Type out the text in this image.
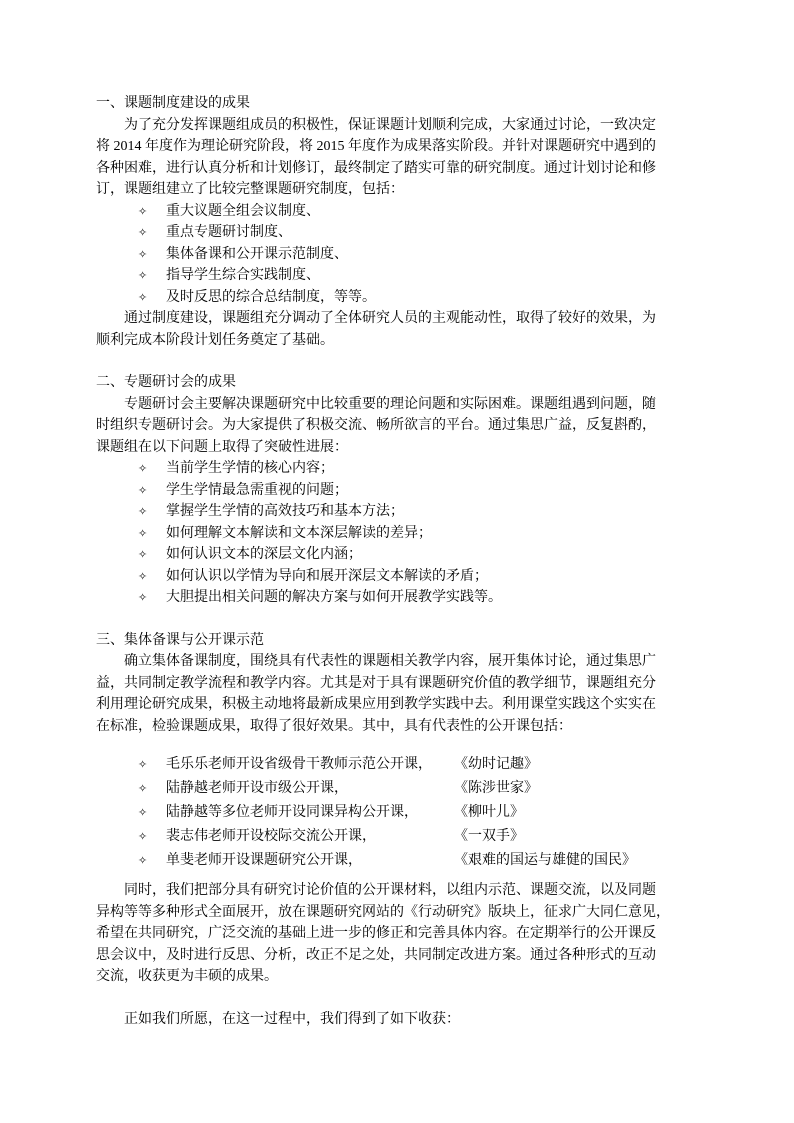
一、课题制度建设的成果
为了充分发挥课题组成员的积极性，保证课题计划顺利完成，大家通过讨论，一致决定
将 2014 年度作为理论研究阶段，将 2015 年度作为成果落实阶段。并针对课题研究中遇到的
各种困难，进行认真分析和计划修订，最终制定了踏实可靠的研究制度。通过计划讨论和修
订，课题组建立了比较完整课题研究制度，包括：
✧	重大议题全组会议制度、
✧	重点专题研讨制度、
✧	集体备课和公开课示范制度、
✧	指导学生综合实践制度、
✧	及时反思的综合总结制度，等等。
通过制度建设，课题组充分调动了全体研究人员的主观能动性，取得了较好的效果，为
顺利完成本阶段计划任务奠定了基础。
二、专题研讨会的成果
专题研讨会主要解决课题研究中比较重要的理论问题和实际困难。课题组遇到问题，随
时组织专题研讨会。为大家提供了积极交流、畅所欲言的平台。通过集思广益，反复斟酌，
课题组在以下问题上取得了突破性进展：
✧	当前学生学情的核心内容；
✧	学生学情最急需重视的问题；
✧	掌握学生学情的高效技巧和基本方法；
✧	如何理解文本解读和文本深层解读的差异；
✧	如何认识文本的深层文化内涵；
✧	如何认识以学情为导向和展开深层文本解读的矛盾；
✧	大胆提出相关问题的解决方案与如何开展教学实践等。
三、集体备课与公开课示范
确立集体备课制度，围绕具有代表性的课题相关教学内容，展开集体讨论，通过集思广
益，共同制定教学流程和教学内容。尤其是对于具有课题研究价值的教学细节，课题组充分
利用理论研究成果，积极主动地将最新成果应用到教学实践中去。利用课堂实践这个实实在
在标准，检验课题成果，取得了很好效果。其中，具有代表性的公开课包括：
✧	毛乐乐老师开设省级骨干教师示范公开课，	《幼时记趣》
✧	陆静越老师开设市级公开课，	《陈涉世家》
✧	陆静越等多位老师开设同课异构公开课，	《柳叶儿》
✧	裴志伟老师开设校际交流公开课，	《一双手》
✧	单斐老师开设课题研究公开课，	《艰难的国运与雄健的国民》
同时，我们把部分具有研究讨论价值的公开课材料，以组内示范、课题交流，以及同题
异构等等多种形式全面展开，放在课题研究网站的《行动研究》版块上，征求广大同仁意见，
希望在共同研究，广泛交流的基础上进一步的修正和完善具体内容。在定期举行的公开课反
思会议中，及时进行反思、分析，改正不足之处，共同制定改进方案。通过各种形式的互动
交流，收获更为丰硕的成果。
正如我们所愿，在这一过程中，我们得到了如下收获：
